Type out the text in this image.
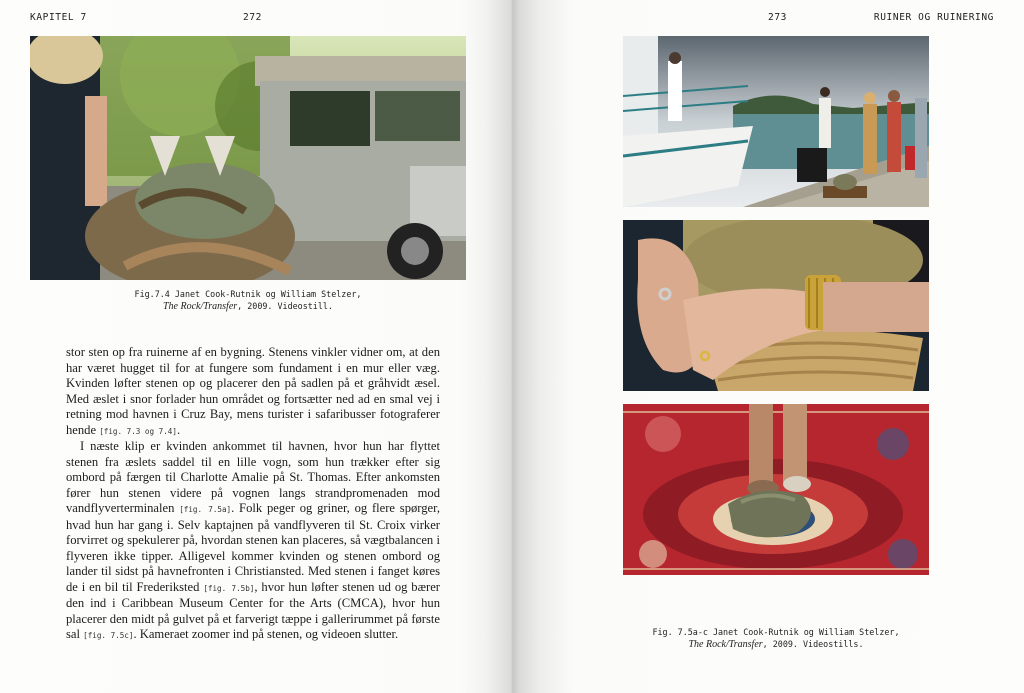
KAPITEL 7	272
Fig.7.4 Janet Cook-Rutnik og William Stelzer,
The Rock/Transfer, 2009. Videostill.

stor sten op fra ruinerne af en bygning. Stenens vinkler vidner om, at den har været hugget til for at fungere som fundament i en mur eller væg. Kvinden løfter stenen op og placerer den på sadlen på et gråhvidt æsel. Med æslet i snor forlader hun området og fortsætter ned ad en smal vej i retning mod havnen i Cruz Bay, mens turister i safaribusser fotograferer hende [fig. 7.3 og 7.4].

I næste klip er kvinden ankommet til havnen, hvor hun har flyttet stenen fra æslets saddel til en lille vogn, som hun trækker efter sig ombord på færgen til Charlotte Amalie på St. Thomas. Efter ankomsten fører hun stenen videre på vognen langs strandpromenaden mod vandflyverterminalen [fig. 7.5a]. Folk peger og griner, og flere spørger, hvad hun har gang i. Selv kaptajnen på vandflyveren til St. Croix virker forvirret og spekulerer på, hvordan stenen kan placeres, så vægtbalancen i flyveren ikke tipper. Alligevel kommer kvinden og stenen ombord og lander til sidst på havnefronten i Christiansted. Med stenen i fanget køres de i en bil til Frederiksted [fig. 7.5b], hvor hun løfter stenen ud og bærer den ind i Caribbean Museum Center for the Arts (CMCA), hvor hun placerer den midt på gulvet på et farverigt tæppe i gallerirummet på første sal [fig. 7.5c]. Kameraet zoomer ind på stenen, og videoen slutter.

273	RUINER OG RUINERING
Fig. 7.5a-c Janet Cook-Rutnik og William Stelzer,
The Rock/Transfer, 2009. Videostills.
